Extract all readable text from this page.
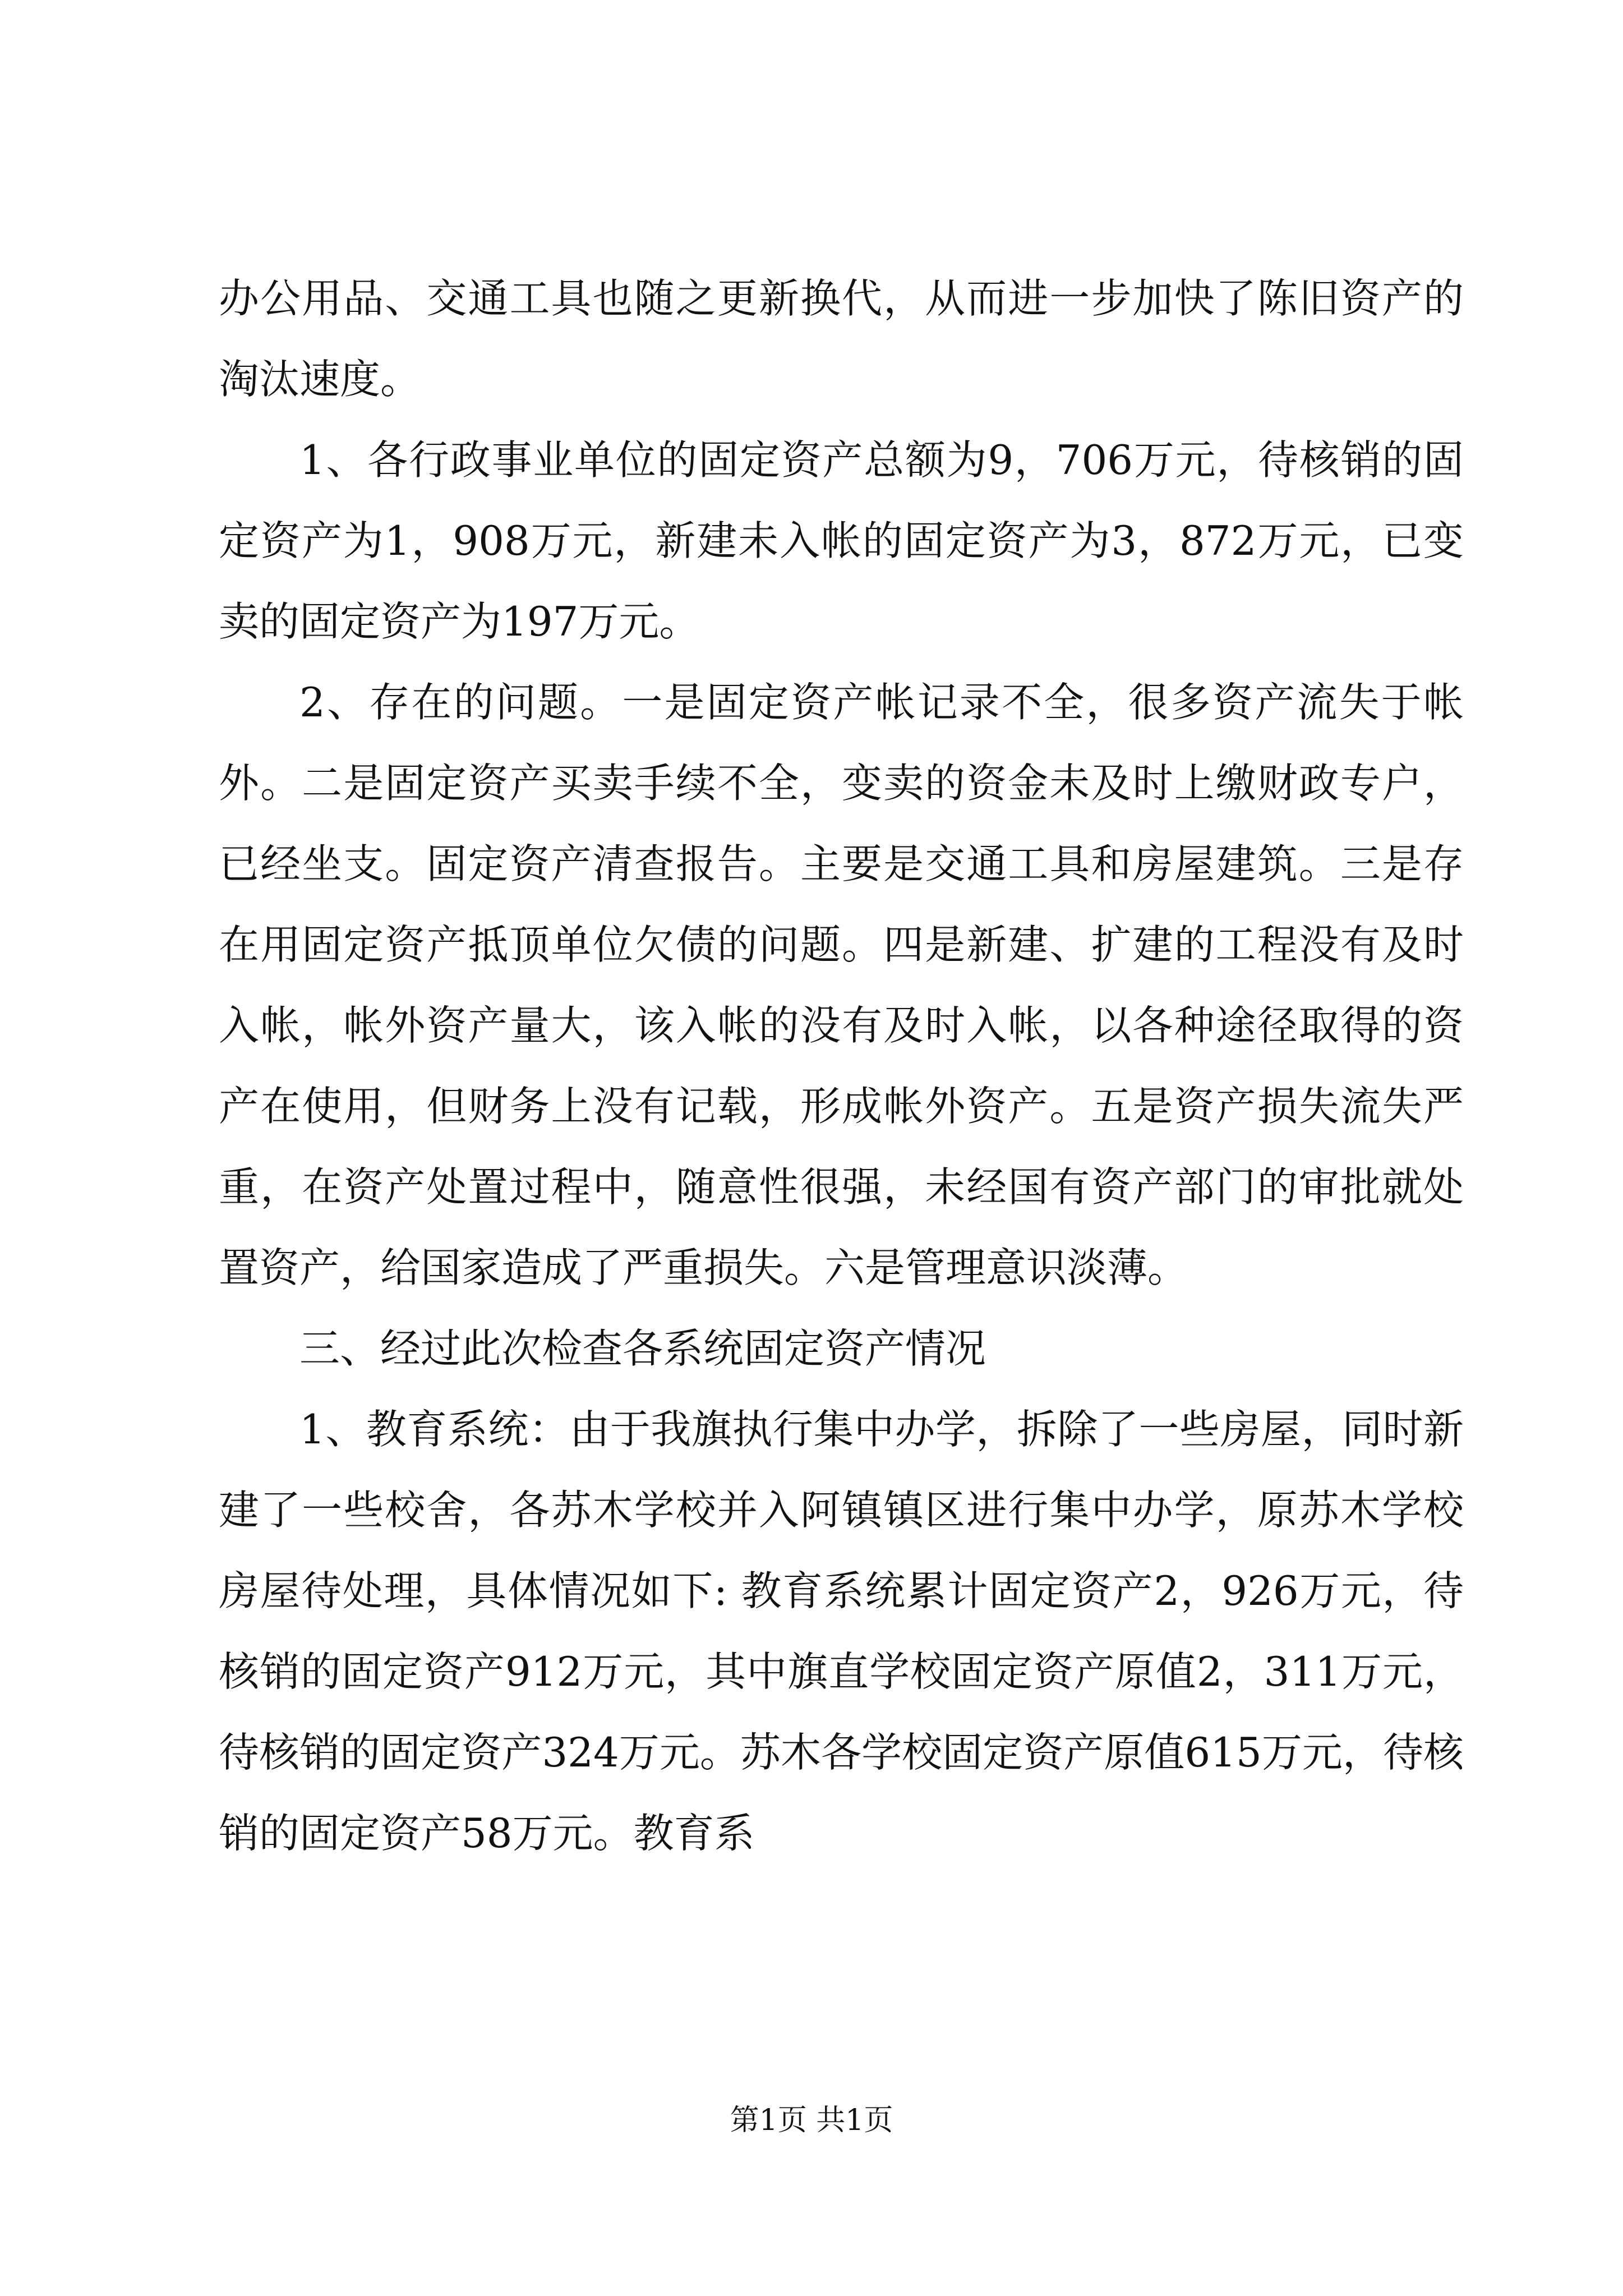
办公用品、交通工具也随之更新换代，从而进一步加快了陈旧资产的淘汰速度。

1、各行政事业单位的固定资产总额为9，706万元，待核销的固定资产为1，908万元，新建未入帐的固定资产为3，872万元，已变卖的固定资产为197万元。

2、存在的问题。一是固定资产帐记录不全，很多资产流失于帐外。二是固定资产买卖手续不全，变卖的资金未及时上缴财政专户，已经坐支。固定资产清查报告。主要是交通工具和房屋建筑。三是存在用固定资产抵顶单位欠债的问题。四是新建、扩建的工程没有及时入帐，帐外资产量大，该入帐的没有及时入帐，以各种途径取得的资产在使用，但财务上没有记载，形成帐外资产。五是资产损失流失严重，在资产处置过程中，随意性很强，未经国有资产部门的审批就处置资产，给国家造成了严重损失。六是管理意识淡薄。

三、经过此次检查各系统固定资产情况

1、教育系统：由于我旗执行集中办学，拆除了一些房屋，同时新建了一些校舍，各苏木学校并入阿镇镇区进行集中办学，原苏木学校房屋待处理，具体情况如下: 教育系统累计固定资产2，926万元，待核销的固定资产912万元，其中旗直学校固定资产原值2，311万元，待核销的固定资产324万元。苏木各学校固定资产原值615万元，待核销的固定资产58万元。教育系

第1页 共1页
